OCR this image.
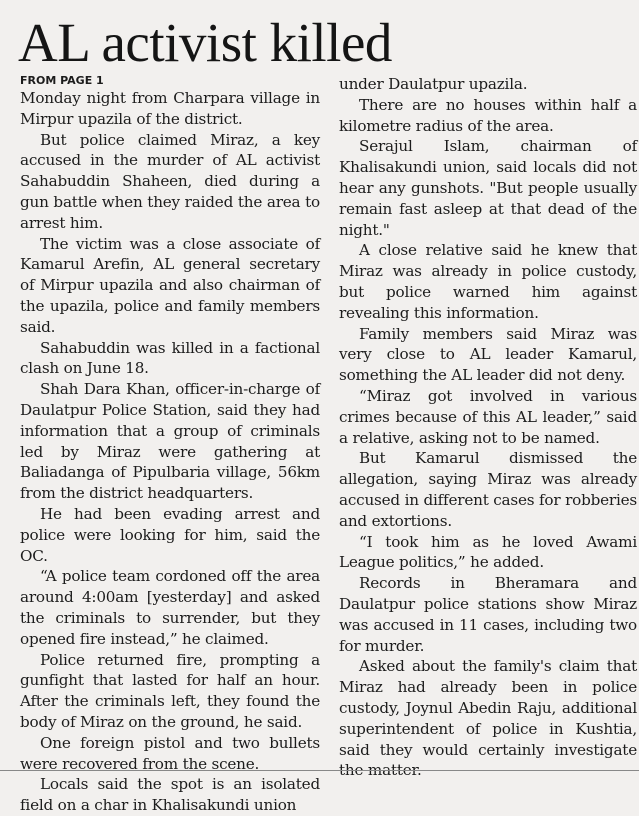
AL activist killed
FROM PAGE 1

Monday night from Charpara village in Mirpur upazila of the district.

But police claimed Miraz, a key accused in the murder of AL activist Sahabuddin Shaheen, died during a gun battle when they raided the area to arrest him.

The victim was a close associate of Kamarul Arefin, AL general secretary of Mirpur upazila and also chairman of the upazila, police and family members said.

Sahabuddin was killed in a factional clash on June 18.

Shah Dara Khan, officer-in-charge of Daulatpur Police Station, said they had information that a group of criminals led by Miraz were gathering at Baliadanga of Pipulbaria village, 56km from the district headquarters.

He had been evading arrest and police were looking for him, said the OC.

“A police team cordoned off the area around 4:00am [yesterday] and asked the criminals to surrender, but they opened fire instead,” he claimed.

Police returned fire, prompting a gunfight that lasted for half an hour. After the criminals left, they found the body of Miraz on the ground, he said.

One foreign pistol and two bullets were recovered from the scene.

Locals said the spot is an isolated field on a char in Khalisakundi union

under Daulatpur upazila.

There are no houses within half a kilometre radius of the area.

Serajul Islam, chairman of Khalisakundi union, said locals did not hear any gunshots. "But people usually remain fast asleep at that dead of the night."

A close relative said he knew that Miraz was already in police custody, but police warned him against revealing this information.

Family members said Miraz was very close to AL leader Kamarul, something the AL leader did not deny.

“Miraz got involved in various crimes because of this AL leader,” said a relative, asking not to be named.

But Kamarul dismissed the allegation, saying Miraz was already accused in different cases for robberies and extortions.

“I took him as he loved Awami League politics,” he added.

Records in Bheramara and Daulatpur police stations show Miraz was accused in 11 cases, including two for murder.

Asked about the family's claim that Miraz had already been in police custody, Joynul Abedin Raju, additional superintendent of police in Kushtia, said they would certainly investigate the matter.
